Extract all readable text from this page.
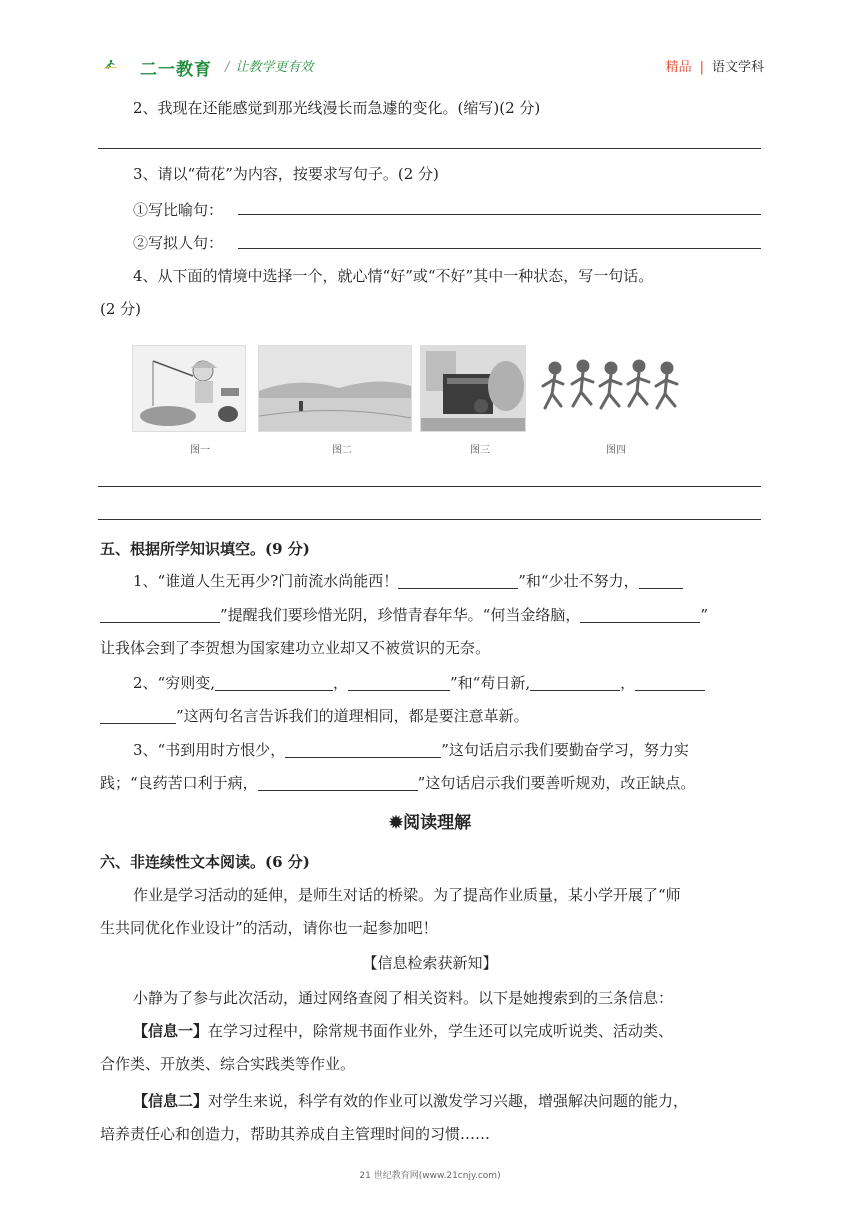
二一教育 / 让教学更有效	精品 | 语文学科
2、我现在还能感觉到那光线漫长而急遽的变化。(缩写)(2 分)
3、请以“荷花”为内容，按要求写句子。(2 分)
①写比喻句：
②写拟人句：
4、从下面的情境中选择一个，就心情“好”或“不好”其中一种状态，写一句话。
(2 分)
图一	图二	图三	图四
五、根据所学知识填空。(9 分)
1、“谁道人生无再少?门前流水尚能西！	”和“少壮不努力，
”提醒我们要珍惜光阴，珍惜青春年华。“何当金络脑，	”
让我体会到了李贺想为国家建功立业却又不被赏识的无奈。
2、“穷则变,	，	”和“苟日新,	，
”这两句名言告诉我们的道理相同，都是要注意革新。
3、“书到用时方恨少，	”这句话启示我们要勤奋学习，努力实
践；“良药苦口利于病，	”这句话启示我们要善听规劝，改正缺点。
✹阅读理解
六、非连续性文本阅读。(6 分)
作业是学习活动的延伸，是师生对话的桥梁。为了提高作业质量，某小学开展了“师
生共同优化作业设计”的活动，请你也一起参加吧！
【信息检索获新知】
小静为了参与此次活动，通过网络查阅了相关资料。以下是她搜索到的三条信息：
【信息一】在学习过程中，除常规书面作业外，学生还可以完成听说类、活动类、
合作类、开放类、综合实践类等作业。
【信息二】对学生来说，科学有效的作业可以激发学习兴趣，增强解决问题的能力，
培养责任心和创造力，帮助其养成自主管理时间的习惯……
21 世纪教育网(www.21cnjy.com)
